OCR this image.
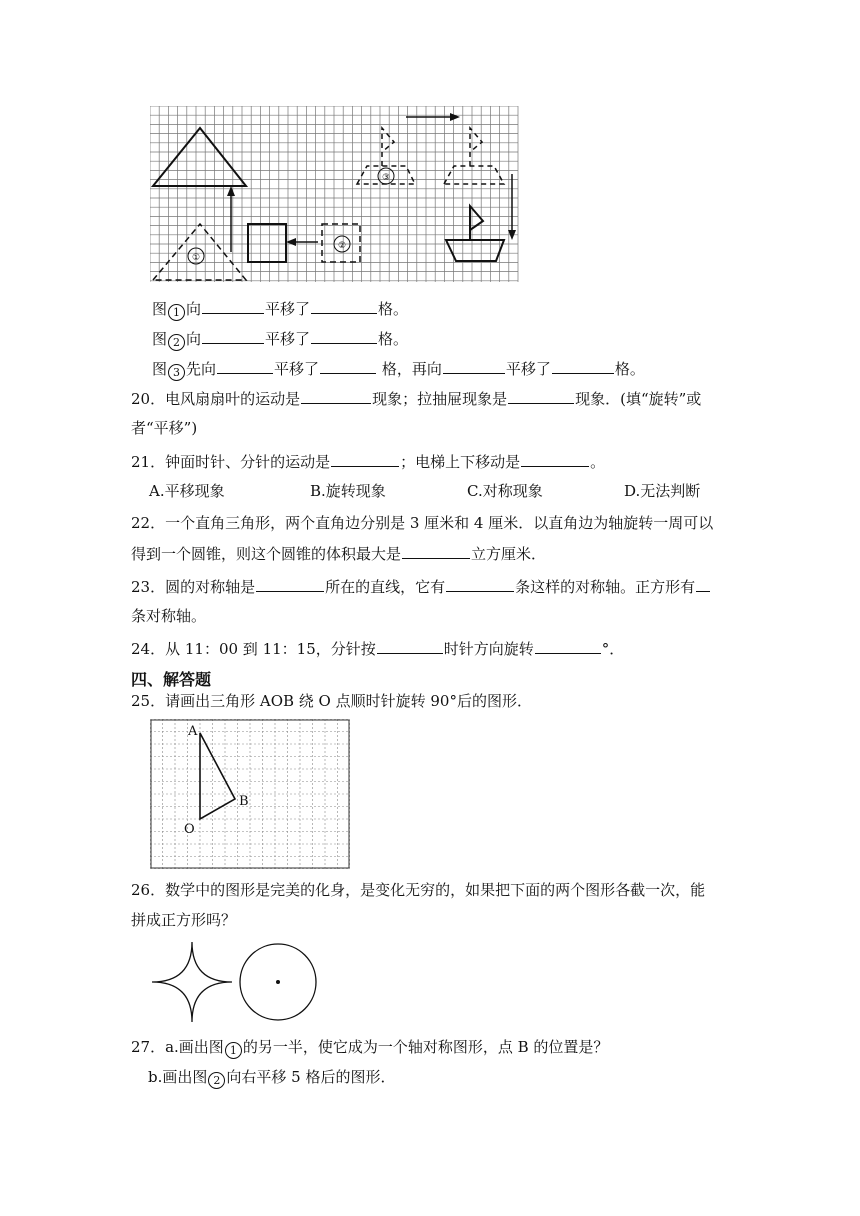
①
②
③
图 1 向	平移了	格。
图 2 向	平移了	格。
图 3 先向	平移了	格，再向	平移了	格。
20．电风扇扇叶的运动是	现象；拉抽屉现象是	现象．(填“旋转”或
者“平移”)
21．钟面时针、分针的运动是	；电梯上下移动是	。
A.平移现象	B.旋转现象	C.对称现象	D.无法判断
22．一个直角三角形，两个直角边分别是 3 厘米和 4 厘米．以直角边为轴旋转一周可以
得到一个圆锥，则这个圆锥的体积最大是	立方厘米．
23．圆的对称轴是	所在的直线，它有	条这样的对称轴。正方形有
条对称轴。
24．从 11：00 到 11：15，分针按	时针方向旋转	°．
四、解答题
25．请画出三角形 AOB 绕 O 点顺时针旋转 90°后的图形．
A
B
O
26．数学中的图形是完美的化身，是变化无穷的，如果把下面的两个图形各截一次，能
拼成正方形吗？
27．a.画出图 1 的另一半，使它成为一个轴对称图形，点 B 的位置是？
b.画出图 2 向右平移 5 格后的图形．
